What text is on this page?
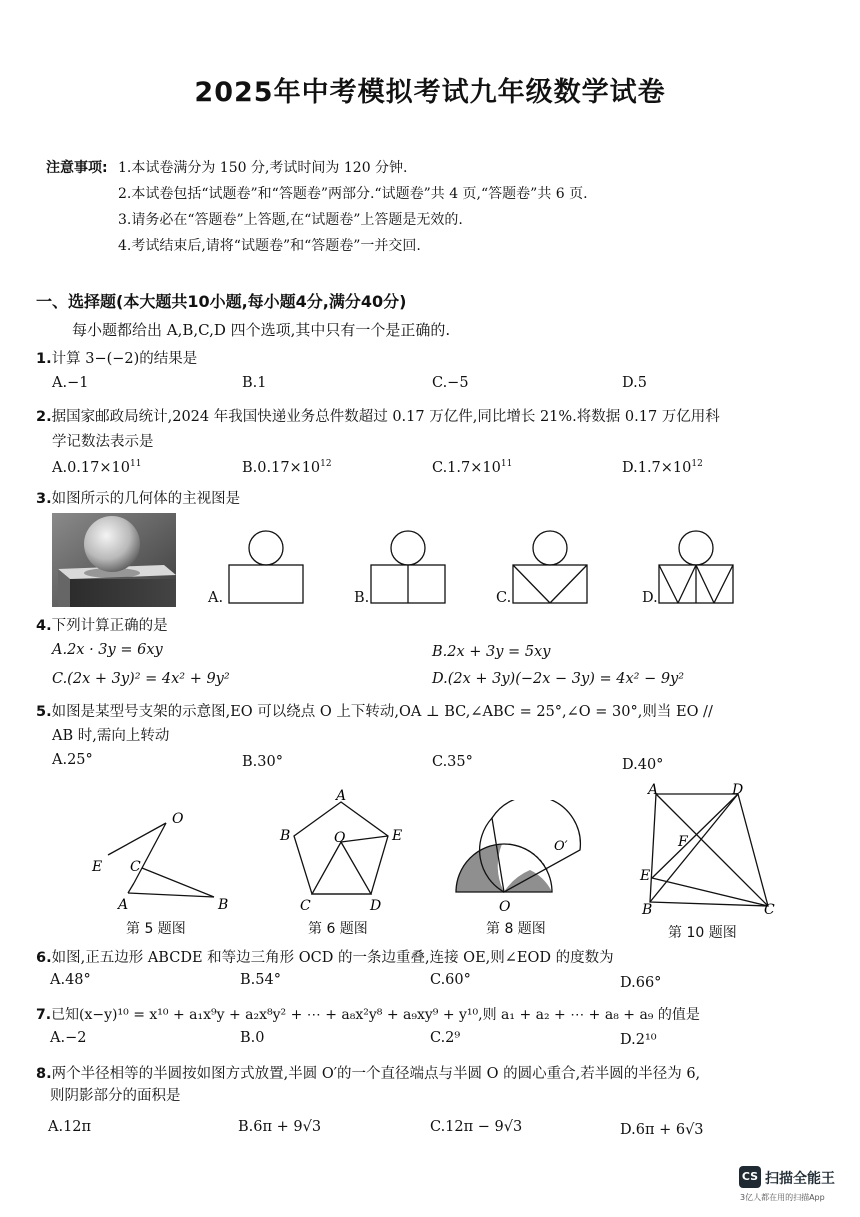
2025年中考模拟考试九年级数学试卷
注意事项: 1.本试卷满分为 150 分,考试时间为 120 分钟.
2.本试卷包括“试题卷”和“答题卷”两部分.“试题卷”共 4 页,“答题卷”共 6 页.
3.请务必在“答题卷”上答题,在“试题卷”上答题是无效的.
4.考试结束后,请将“试题卷”和“答题卷”一并交回.
一、选择题(本大题共10小题,每小题4分,满分40分)
每小题都给出 A,B,C,D 四个选项,其中只有一个是正确的.
1.计算 3−(−2)的结果是
A.−1	B.1	C.−5	D.5
2.据国家邮政局统计,2024 年我国快递业务总件数超过 0.17 万亿件,同比增长 21%.将数据 0.17 万亿用科
学记数法表示是
$A.0.17\times 10^{11}$	$B.0.17\times 10^{12}$	$C.1.7\times 10^{11}$	$D.1.7\times 10^{12}$
3.如图所示的几何体的主视图是
A.	B.	C.	D.
4.下列计算正确的是
A.2x · 3y = 6xy	B.2x + 3y = 5xy
C.(2x + 3y)² = 4x² + 9y²	D.(2x + 3y)(−2x − 3y) = 4x² − 9y²
5.如图是某型号支架的示意图,EO 可以绕点 O 上下转动,OA ⊥ BC,∠ABC = 25°,∠O = 30°,则当 EO //
AB 时,需向上转动
A.25°	B.30°	C.35°	D.40°
O
E C
A	B
第 5 题图
A
B	O	E
C	D
第 6 题图
O′
O
第 8 题图
A	D
F
E
B	C
第 10 题图
6.如图,正五边形 ABCDE 和等边三角形 OCD 的一条边重叠,连接 OE,则∠EOD 的度数为
A.48°	B.54°	C.60°	D.66°
7.已知(x−y)¹⁰ = x¹⁰ + a₁x⁹y + a₂x⁸y² + ⋯ + a₈x²y⁸ + a₉xy⁹ + y¹⁰,则 a₁ + a₂ + ⋯ + a₈ + a₉ 的值是
A.−2	B.0	C.2⁹	D.2¹⁰
8.两个半径相等的半圆按如图方式放置,半圆 O′的一个直径端点与半圆 O 的圆心重合,若半圆的半径为 6,
则阴影部分的面积是
A.12π	B.6π + 9√3	C.12π − 9√3	D.6π + 6√3
CS 扫描全能王
3亿人都在用的扫描App
